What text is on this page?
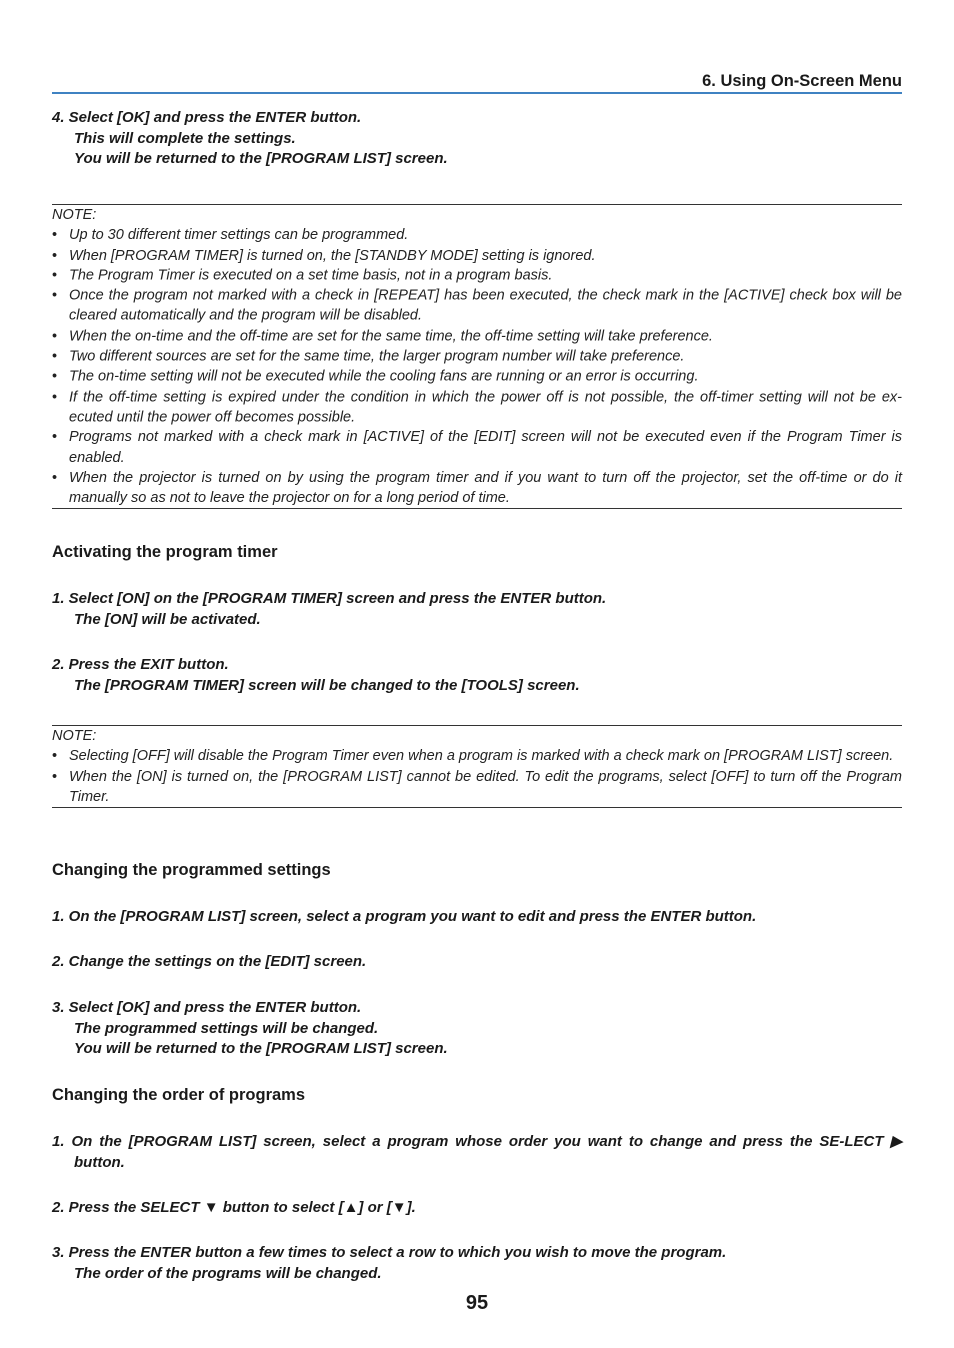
6. Using On-Screen Menu
4. Select [OK] and press the ENTER button.
This will complete the settings.
You will be returned to the [PROGRAM LIST] screen.
NOTE:
• Up to 30 different timer settings can be programmed.
• When [PROGRAM TIMER] is turned on, the [STANDBY MODE] setting is ignored.
• The Program Timer is executed on a set time basis, not in a program basis.
• Once the program not marked with a check in [REPEAT] has been executed, the check mark in the [ACTIVE] check box will be cleared automatically and the program will be disabled.
• When the on-time and the off-time are set for the same time, the off-time setting will take preference.
• Two different sources are set for the same time, the larger program number will take preference.
• The on-time setting will not be executed while the cooling fans are running or an error is occurring.
• If the off-time setting is expired under the condition in which the power off is not possible, the off-timer setting will not be ex-ecuted until the power off becomes possible.
• Programs not marked with a check mark in [ACTIVE] of the [EDIT] screen will not be executed even if the Program Timer is enabled.
• When the projector is turned on by using the program timer and if you want to turn off the projector, set the off-time or do it manually so as not to leave the projector on for a long period of time.
Activating the program timer
1. Select [ON] on the [PROGRAM TIMER] screen and press the ENTER button.
The [ON] will be activated.
2. Press the EXIT button.
The [PROGRAM TIMER] screen will be changed to the [TOOLS] screen.
NOTE:
• Selecting [OFF] will disable the Program Timer even when a program is marked with a check mark on [PROGRAM LIST] screen.
• When the [ON] is turned on, the [PROGRAM LIST] cannot be edited. To edit the programs, select [OFF] to turn off the Program Timer.
Changing the programmed settings
1. On the [PROGRAM LIST] screen, select a program you want to edit and press the ENTER button.
2. Change the settings on the [EDIT] screen.
3. Select [OK] and press the ENTER button.
The programmed settings will be changed.
You will be returned to the [PROGRAM LIST] screen.
Changing the order of programs
1. On the [PROGRAM LIST] screen, select a program whose order you want to change and press the SE-LECT ▶ button.
2. Press the SELECT ▼ button to select [▲] or [▼].
3. Press the ENTER button a few times to select a row to which you wish to move the program.
The order of the programs will be changed.
95
